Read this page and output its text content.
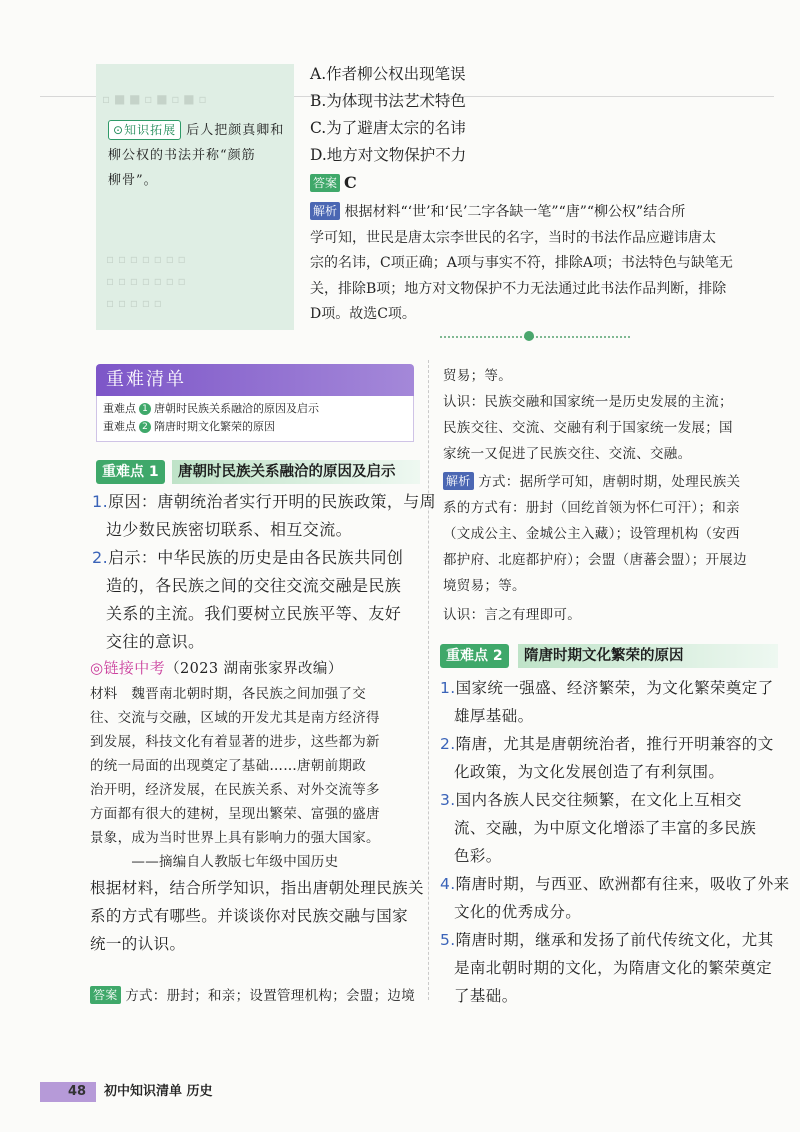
▫ ■ ■ ▫ ■ ▫ ■ ▫
▫ ▫ ▫ ▫ ▫ ▫ ▫
▫ ▫ ▫ ▫ ▫ ▫ ▫
▫ ▫ ▫ ▫ ▫
⊙知识拓展 后人把颜真卿和
柳公权的书法并称“颜筋
柳骨”。
A.作者柳公权出现笔误
B.为体现书法艺术特色
C.为了避唐太宗的名讳
D.地方对文物保护不力
答案 C
解析 根据材料“‘世’和‘民’二字各缺一笔”“唐”“柳公权”结合所
学可知，世民是唐太宗李世民的名字，当时的书法作品应避讳唐太
宗的名讳，C项正确；A项与事实不符，排除A项；书法特色与缺笔无
关，排除B项；地方对文物保护不力无法通过此书法作品判断，排除
D项。故选C项。
重难清单
重难点 1 唐朝时民族关系融洽的原因及启示
重难点 2 隋唐时期文化繁荣的原因
重难点 1	唐朝时民族关系融洽的原因及启示
1.原因：唐朝统治者实行开明的民族政策，与周
边少数民族密切联系、相互交流。
2.启示：中华民族的历史是由各民族共同创
造的，各民族之间的交往交流交融是民族
关系的主流。我们要树立民族平等、友好
交往的意识。
◎链接中考（2023 湖南张家界改编）
材料　魏晋南北朝时期，各民族之间加强了交
往、交流与交融，区域的开发尤其是南方经济得
到发展，科技文化有着显著的进步，这些都为新
的统一局面的出现奠定了基础……唐朝前期政
治开明，经济发展，在民族关系、对外交流等多
方面都有很大的建树，呈现出繁荣、富强的盛唐
景象，成为当时世界上具有影响力的强大国家。
　　　——摘编自人教版七年级中国历史
根据材料，结合所学知识，指出唐朝处理民族关
系的方式有哪些。并谈谈你对民族交融与国家
统一的认识。
答案 方式：册封；和亲；设置管理机构；会盟；边境
贸易；等。
认识：民族交融和国家统一是历史发展的主流；
民族交往、交流、交融有利于国家统一发展；国
家统一又促进了民族交往、交流、交融。
解析 方式：据所学可知，唐朝时期，处理民族关
系的方式有：册封（回纥首领为怀仁可汗）；和亲
（文成公主、金城公主入藏）；设管理机构（安西
都护府、北庭都护府）；会盟（唐蕃会盟）；开展边
境贸易；等。
认识：言之有理即可。
重难点 2	隋唐时期文化繁荣的原因
1.国家统一强盛、经济繁荣，为文化繁荣奠定了
雄厚基础。
2.隋唐，尤其是唐朝统治者，推行开明兼容的文
化政策，为文化发展创造了有利氛围。
3.国内各族人民交往频繁，在文化上互相交
流、交融，为中原文化增添了丰富的多民族
色彩。
4.隋唐时期，与西亚、欧洲都有往来，吸收了外来
文化的优秀成分。
5.隋唐时期，继承和发扬了前代传统文化，尤其
是南北朝时期的文化，为隋唐文化的繁荣奠定
了基础。
48 初中知识清单 历史
